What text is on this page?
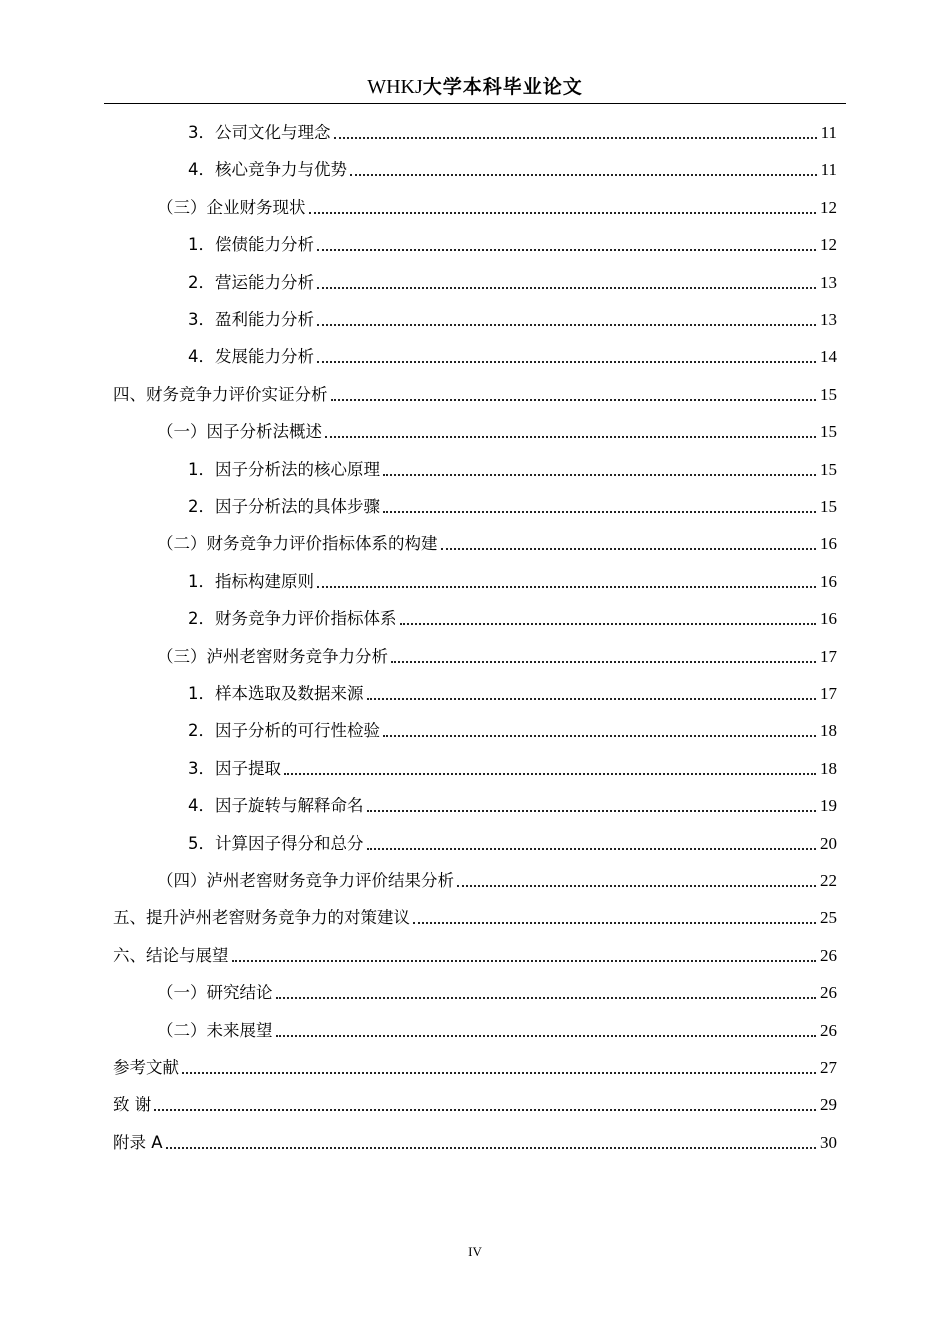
WHKJ大学本科毕业论文
3．公司文化与理念	11
4．核心竞争力与优势	11
（三）企业财务现状	12
1．偿债能力分析	12
2．营运能力分析	13
3．盈利能力分析	13
4．发展能力分析	14
四、财务竞争力评价实证分析	15
（一）因子分析法概述	15
1．因子分析法的核心原理	15
2．因子分析法的具体步骤	15
（二）财务竞争力评价指标体系的构建	16
1．指标构建原则	16
2．财务竞争力评价指标体系	16
（三）泸州老窖财务竞争力分析	17
1．样本选取及数据来源	17
2．因子分析的可行性检验	18
3．因子提取	18
4．因子旋转与解释命名	19
5．计算因子得分和总分	20
（四）泸州老窖财务竞争力评价结果分析	22
五、提升泸州老窖财务竞争力的对策建议	25
六、结论与展望	26
（一）研究结论	26
（二）未来展望	26
参考文献	27
致 谢	29
附录 A	30
IV
